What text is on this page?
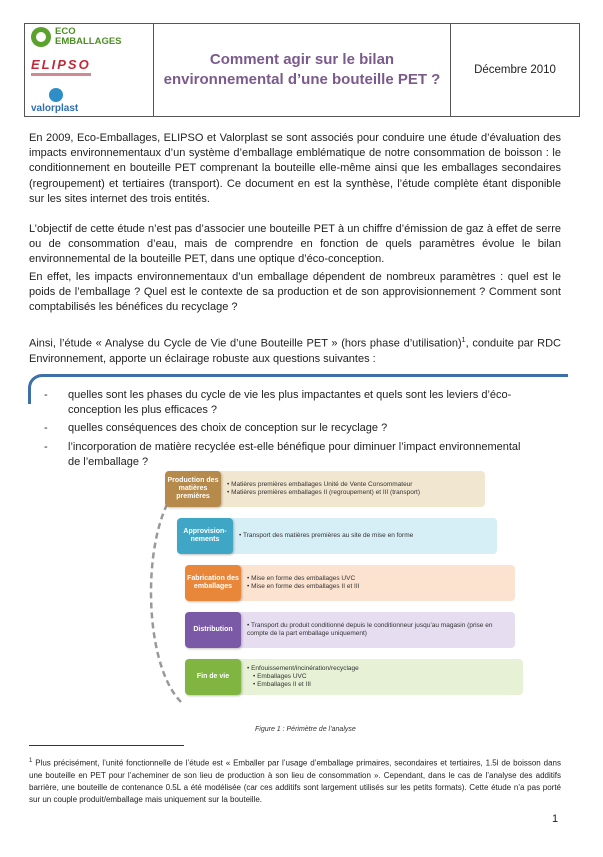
ECO
EMBALLAGES
ELIPSO
valorplast
Comment agir sur le bilan
environnemental d’une bouteille PET ?
Décembre 2010

En 2009, Eco-Emballages, ELIPSO et Valorplast se sont associés pour conduire une étude d’évaluation des impacts environnementaux d’un système d’emballage emblématique de notre consommation de boisson : le conditionnement en bouteille PET comprenant la bouteille elle-même ainsi que les emballages secondaires (regroupement) et tertiaires (transport). Ce document en est la synthèse, l’étude complète étant disponible sur les sites internet des trois entités.

L’objectif de cette étude n’est pas d’associer une bouteille PET à un chiffre d’émission de gaz à effet de serre ou de consommation d’eau, mais de comprendre en fonction de quels paramètres évolue le bilan environnemental de la bouteille PET, dans une optique d’éco-conception.

En effet, les impacts environnementaux d’un emballage dépendent de nombreux paramètres : quel est le poids de l’emballage ? Quel est le contexte de sa production et de son approvisionnement ? Comment sont comptabilisés les bénéfices du recyclage ?

Ainsi, l’étude « Analyse du Cycle de Vie d’une Bouteille PET » (hors phase d’utilisation)$^1$, conduite par RDC Environnement, apporte un éclairage robuste aux questions suivantes :

- quelles sont les phases du cycle de vie les plus impactantes et quels sont les leviers d’éco-conception les plus efficaces ?
- quelles conséquences des choix de conception sur le recyclage ?
- l’incorporation de matière recyclée est-elle bénéfique pour diminuer l’impact environnemental de l’emballage ?
• Matières premières emballages Unité de Vente Consommateur
• Matières premières emballages II (regroupement) et III (transport)
Production des matières premières
• Transport des matières premières au site de mise en forme
Approvision-nements
• Mise en forme des emballages UVC
• Mise en forme des emballages II et III
Fabrication des emballages
• Transport du produit conditionné depuis le conditionneur jusqu’au magasin (prise en compte de la part emballage uniquement)
Distribution
• Enfouissement/incinération/recyclage
• Emballages UVC
• Emballages II et III
Fin de vie
Figure 1 : Périmètre de l’analyse

$^1$ Plus précisément, l’unité fonctionnelle de l’étude est « Emballer par l’usage d’emballage primaires, secondaires et tertiaires, 1.5l de boisson dans une bouteille en PET pour l’acheminer de son lieu de production à son lieu de consommation ». Cependant, dans le cas de l’analyse des additifs barrière, une bouteille de contenance 0.5L a été modélisée (car ces additifs sont largement utilisés sur les petits formats). Cette étude n’a pas porté sur un couple produit/emballage mais uniquement sur la bouteille.

1
